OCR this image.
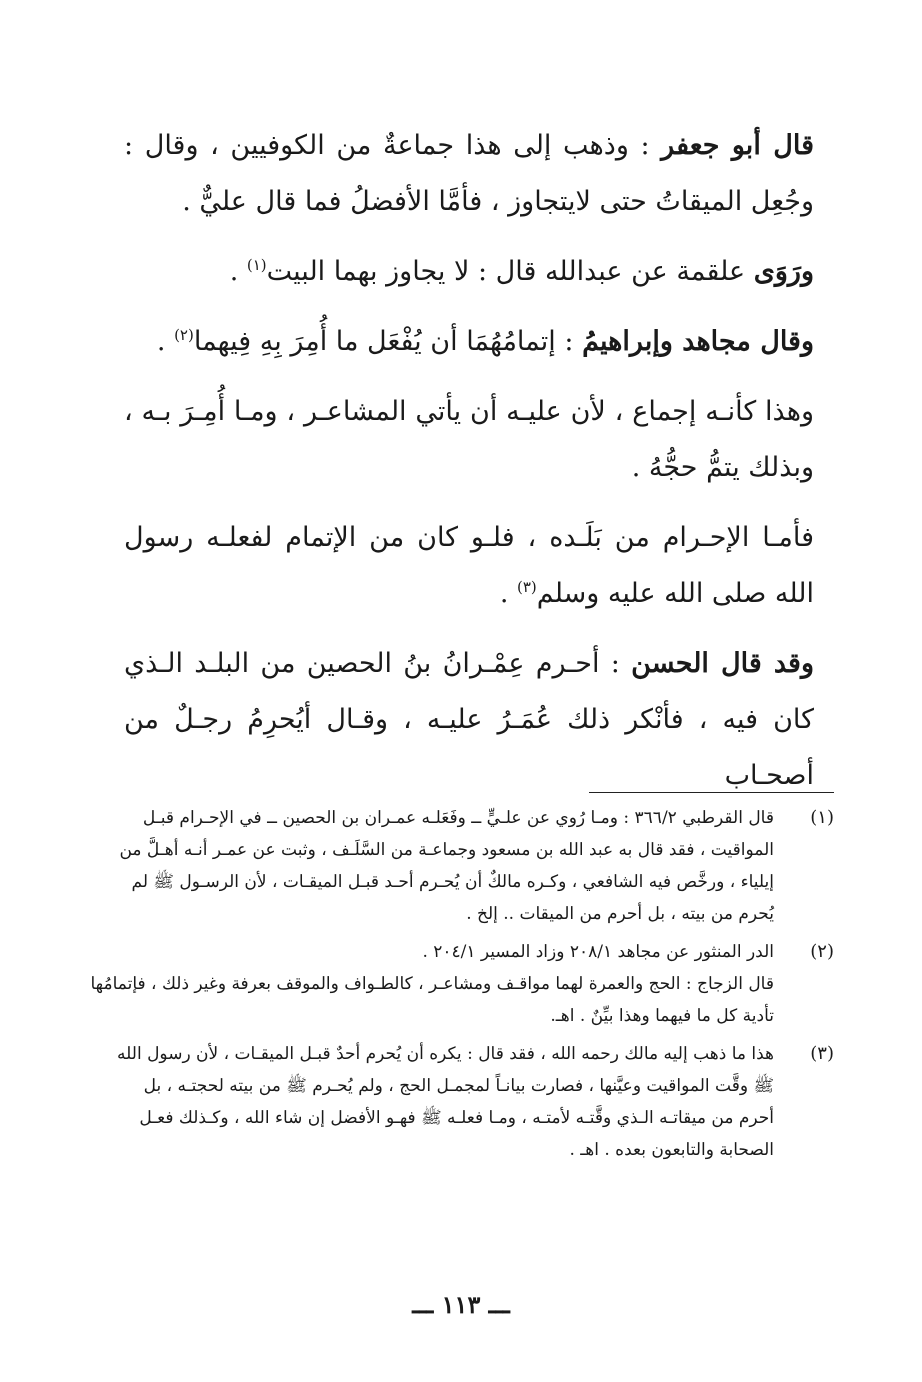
قال أبو جعفر : وذهب إلى هذا جماعةٌ من الكوفيين ، وقال : وجُعِل الميقاتُ حتى لايتجاوز ، فأمَّا الأفضلُ فما قال عليٌّ .

ورَوَى علقمة عن عبدالله قال : لا يجاوز بهما البيت$^{(١)}$ .

وقال مجاهد وإبراهيمُ : إتمامُهُمَا أن يُفْعَل ما أُمِرَ بِهِ فِيهما$^{(٢)}$ .

وهذا كأنـه إجماع ، لأن عليـه أن يأتي المشاعـر ، ومـا أُمِـرَ بـه ، وبذلك يتمُّ حجُّهُ .

فأمـا الإحـرام من بَلَـده ، فلـو كان من الإتمام لفعلـه رسول الله صلى الله عليه وسلم$^{(٣)}$ .

وقد قال الحسن : أحـرم عِمْـرانُ بنُ الحصين من البلـد الـذي كان فيه ، فأنْكر ذلك عُمَـرُ عليـه ، وقـال أيُحرِمُ رجـلٌ من أصحـاب

(١)

قال القرطبي ٣٦٦/٢ : ومـا رُوي عن علـيٍّ ــ وفَعَلـه عمـران بن الحصين ــ في الإحـرام قبـل

المواقيت ، فقد قال به عبد الله بن مسعود وجماعـة من السَّلَـف ، وثبت عن عمـر أنـه أهـلَّ من

إيلياء ، ورخَّص فيه الشافعي ، وكـره مالكٌ أن يُحـرم أحـد قبـل الميقـات ، لأن الرسـول ﷺ لم

يُحرم من بيته ، بل أحرم من الميقات .. إلخ .

(٢)

الدر المنثور عن مجاهد ٢٠٨/١ وزاد المسير ٢٠٤/١ .

قال الزجاج : الحج والعمرة لهما مواقـف ومشاعـر ، كالطـواف والموقف بعرفة وغير ذلك ، فإتمامُها

تأدية كل ما فيهما وهذا بيِّنٌ . اهـ.

(٣)

هذا ما ذهب إليه مالك رحمه الله ، فقد قال : يكره أن يُحرم أحدٌ قبـل الميقـات ، لأن رسول الله

ﷺ وقَّت المواقيت وعيَّنها ، فصارت بيانـاً لمجمـل الحج ، ولم يُحـرم ﷺ من بيته لحجتـه ، بل

أحرم من ميقاتـه الـذي وقَّتـه لأمتـه ، ومـا فعلـه ﷺ فهـو الأفضل إن شاء الله ، وكـذلك فعـل

الصحابة والتابعون بعده . اهـ .

ـــ ١١٣ ـــ
